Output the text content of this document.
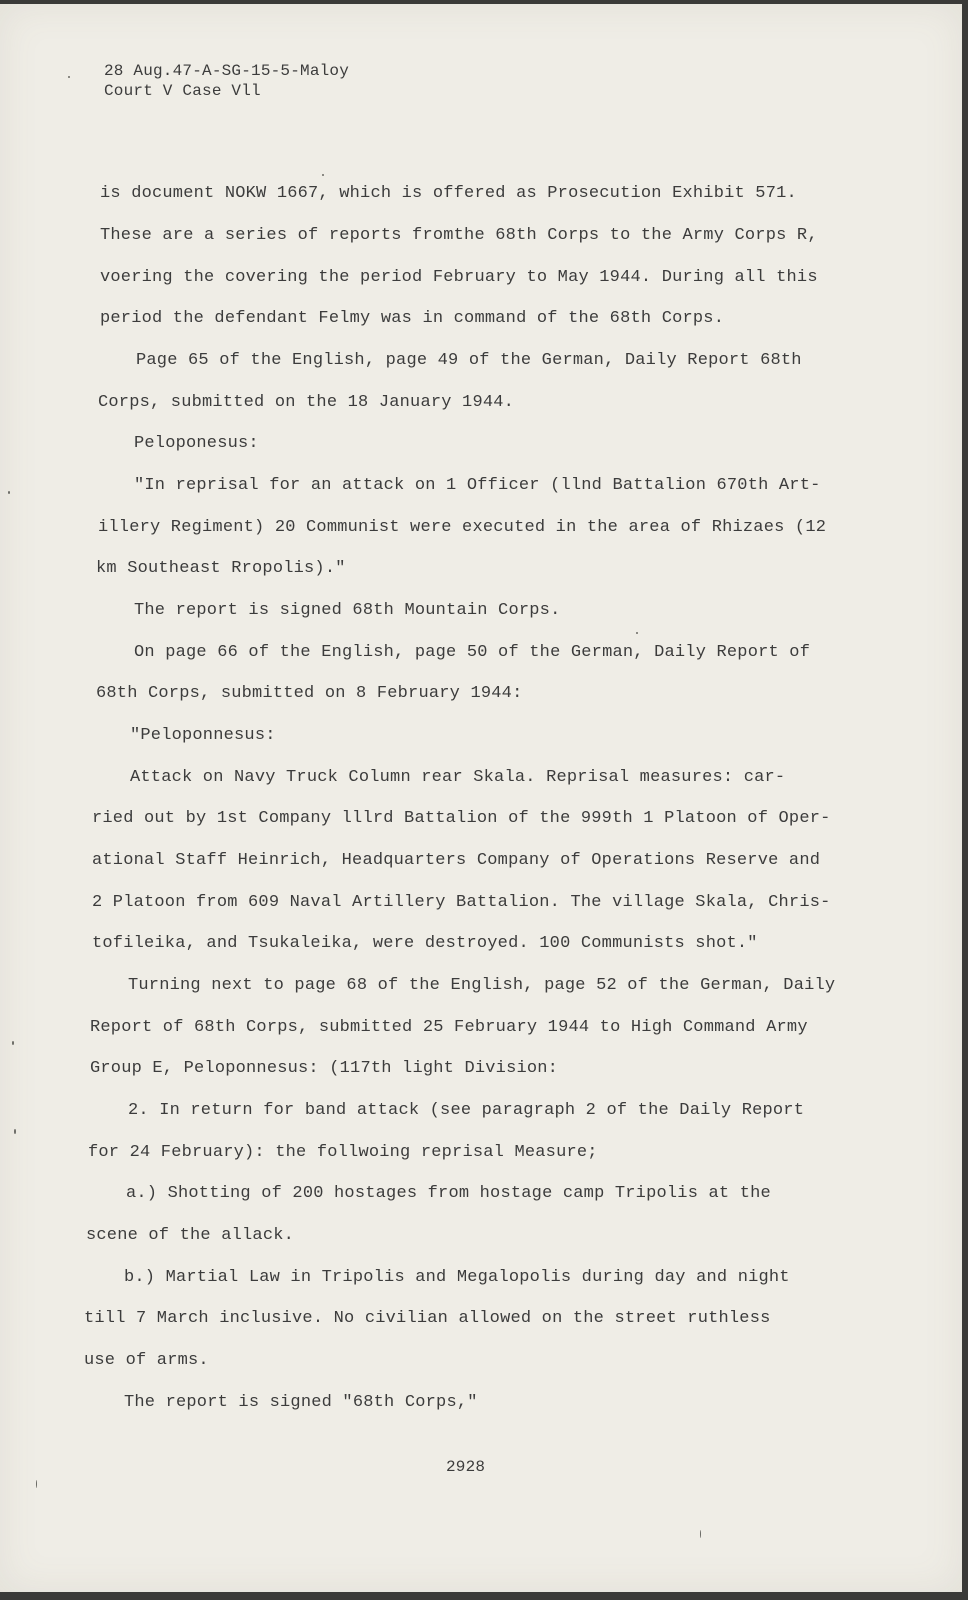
28 Aug.47-A-SG-15-5-Maloy
Court V Case Vll
is document NOKW 1667, which is offered as Prosecution Exhibit 571.
These are a series of reports fromthe 68th Corps to the Army Corps R,
voering the covering the period February to May 1944. During all this
period the defendant Felmy was in command of the 68th Corps.
Page 65 of the English, page 49 of the German, Daily Report 68th
Corps, submitted on the 18 January 1944.
Peloponesus:
"In reprisal for an attack on 1 Officer (llnd Battalion 670th Art-
illery Regiment) 20 Communist were executed in the area of Rhizaes (12
km Southeast Rropolis)."
The report is signed 68th Mountain Corps.
On page 66 of the English, page 50 of the German, Daily Report of
68th Corps, submitted on 8 February 1944:
"Peloponnesus:
Attack on Navy Truck Column rear Skala. Reprisal measures: car-
ried out by 1st Company lllrd Battalion of the 999th 1 Platoon of Oper-
ational Staff Heinrich, Headquarters Company of Operations Reserve and
2 Platoon from 609 Naval Artillery Battalion. The village Skala, Chris-
tofileika, and Tsukaleika, were destroyed. 100 Communists shot."
Turning next to page 68 of the English, page 52 of the German, Daily
Report of 68th Corps, submitted 25 February 1944 to High Command Army
Group E, Peloponnesus: (117th light Division:
2. In return for band attack (see paragraph 2 of the Daily Report
for 24 February): the follwoing reprisal Measure;
a.) Shotting of 200 hostages from hostage camp Tripolis at the
scene of the allack.
b.) Martial Law in Tripolis and Megalopolis during day and night
till 7 March inclusive. No civilian allowed on the street ruthless
use of arms.
The report is signed "68th Corps,"
2928
